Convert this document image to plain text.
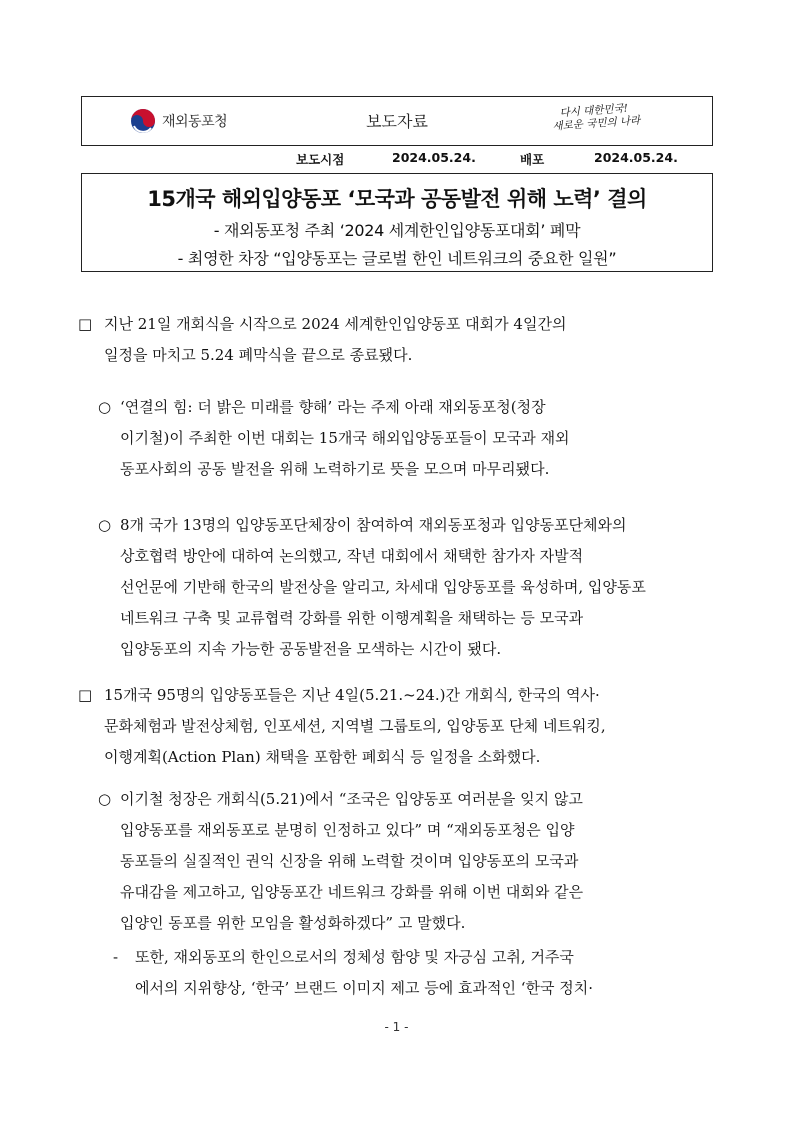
재외동포청	보도자료
다시 대한민국!
새로운 국민의 나라
보도시점	2024.05.24.	배포	2024.05.24.
15개국 해외입양동포 ‘모국과 공동발전 위해 노력’ 결의
- 재외동포청 주최 ‘2024 세계한인입양동포대회’ 폐막
- 최영한 차장 “입양동포는 글로벌 한인 네트워크의 중요한 일원”
□ 지난 21일 개회식을 시작으로 2024 세계한인입양동포 대회가 4일간의
일정을 마치고 5.24 폐막식을 끝으로 종료됐다.
○ ‘연결의 힘: 더 밝은 미래를 향해’ 라는 주제 아래 재외동포청(청장
이기철)이 주최한 이번 대회는 15개국 해외입양동포들이 모국과 재외
동포사회의 공동 발전을 위해 노력하기로 뜻을 모으며 마무리됐다.
○ 8개 국가 13명의 입양동포단체장이 참여하여 재외동포청과 입양동포단체와의
상호협력 방안에 대하여 논의했고, 작년 대회에서 채택한 참가자 자발적
선언문에 기반해 한국의 발전상을 알리고, 차세대 입양동포를 육성하며, 입양동포
네트워크 구축 및 교류협력 강화를 위한 이행계획을 채택하는 등 모국과
입양동포의 지속 가능한 공동발전을 모색하는 시간이 됐다.
□ 15개국 95명의 입양동포들은 지난 4일(5.21.~24.)간 개회식, 한국의 역사·
문화체험과 발전상체험, 인포세션, 지역별 그룹토의, 입양동포 단체 네트워킹,
이행계획(Action Plan) 채택을 포함한 폐회식 등 일정을 소화했다.
○ 이기철 청장은 개회식(5.21)에서 “조국은 입양동포 여러분을 잊지 않고
입양동포를 재외동포로 분명히 인정하고 있다” 며 “재외동포청은 입양
동포들의 실질적인 권익 신장을 위해 노력할 것이며 입양동포의 모국과
유대감을 제고하고, 입양동포간 네트워크 강화를 위해 이번 대회와 같은
입양인 동포를 위한 모임을 활성화하겠다” 고 말했다.
- 또한, 재외동포의 한인으로서의 정체성 함양 및 자긍심 고취, 거주국
에서의 지위향상, ‘한국’ 브랜드 이미지 제고 등에 효과적인 ‘한국 정치·
- 1 -
